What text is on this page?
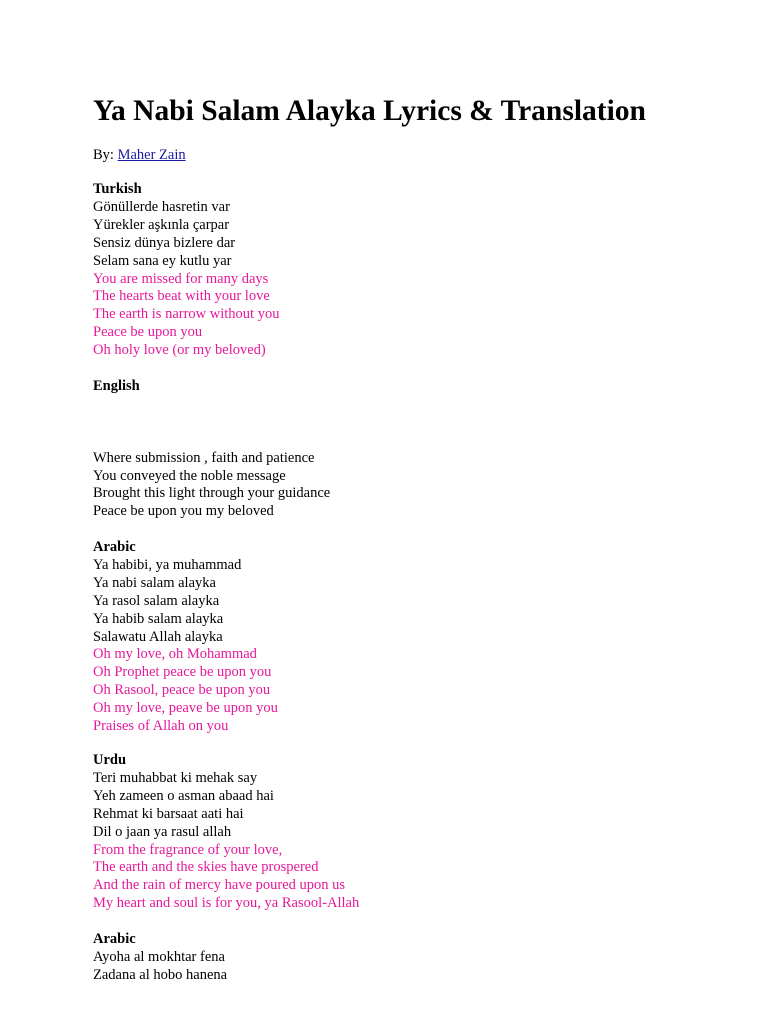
Ya Nabi Salam Alayka Lyrics & Translation
By: Maher Zain
Turkish
Gönüllerde hasretin var
Yürekler aşkınla çarpar
Sensiz dünya bizlere dar
Selam sana ey kutlu yar
You are missed for many days
The hearts beat with your love
The earth is narrow without you
Peace be upon you
Oh holy love (or my beloved)
English
Where submission , faith and patience
You conveyed the noble message
Brought this light through your guidance
Peace be upon you my beloved
Arabic
Ya habibi, ya muhammad
Ya nabi salam alayka
Ya rasol salam alayka
Ya habib salam alayka
Salawatu Allah alayka
Oh my love, oh Mohammad
Oh Prophet peace be upon you
Oh Rasool, peace be upon you
Oh my love, peave be upon you
Praises of Allah on you
Urdu
Teri muhabbat ki mehak say
Yeh zameen o asman abaad hai
Rehmat ki barsaat aati hai
Dil o jaan ya rasul allah
From the fragrance of your love,
The earth and the skies have prospered
And the rain of mercy have poured upon us
My heart and soul is for you, ya Rasool-Allah
Arabic
Ayoha al mokhtar fena
Zadana al hobo hanena
